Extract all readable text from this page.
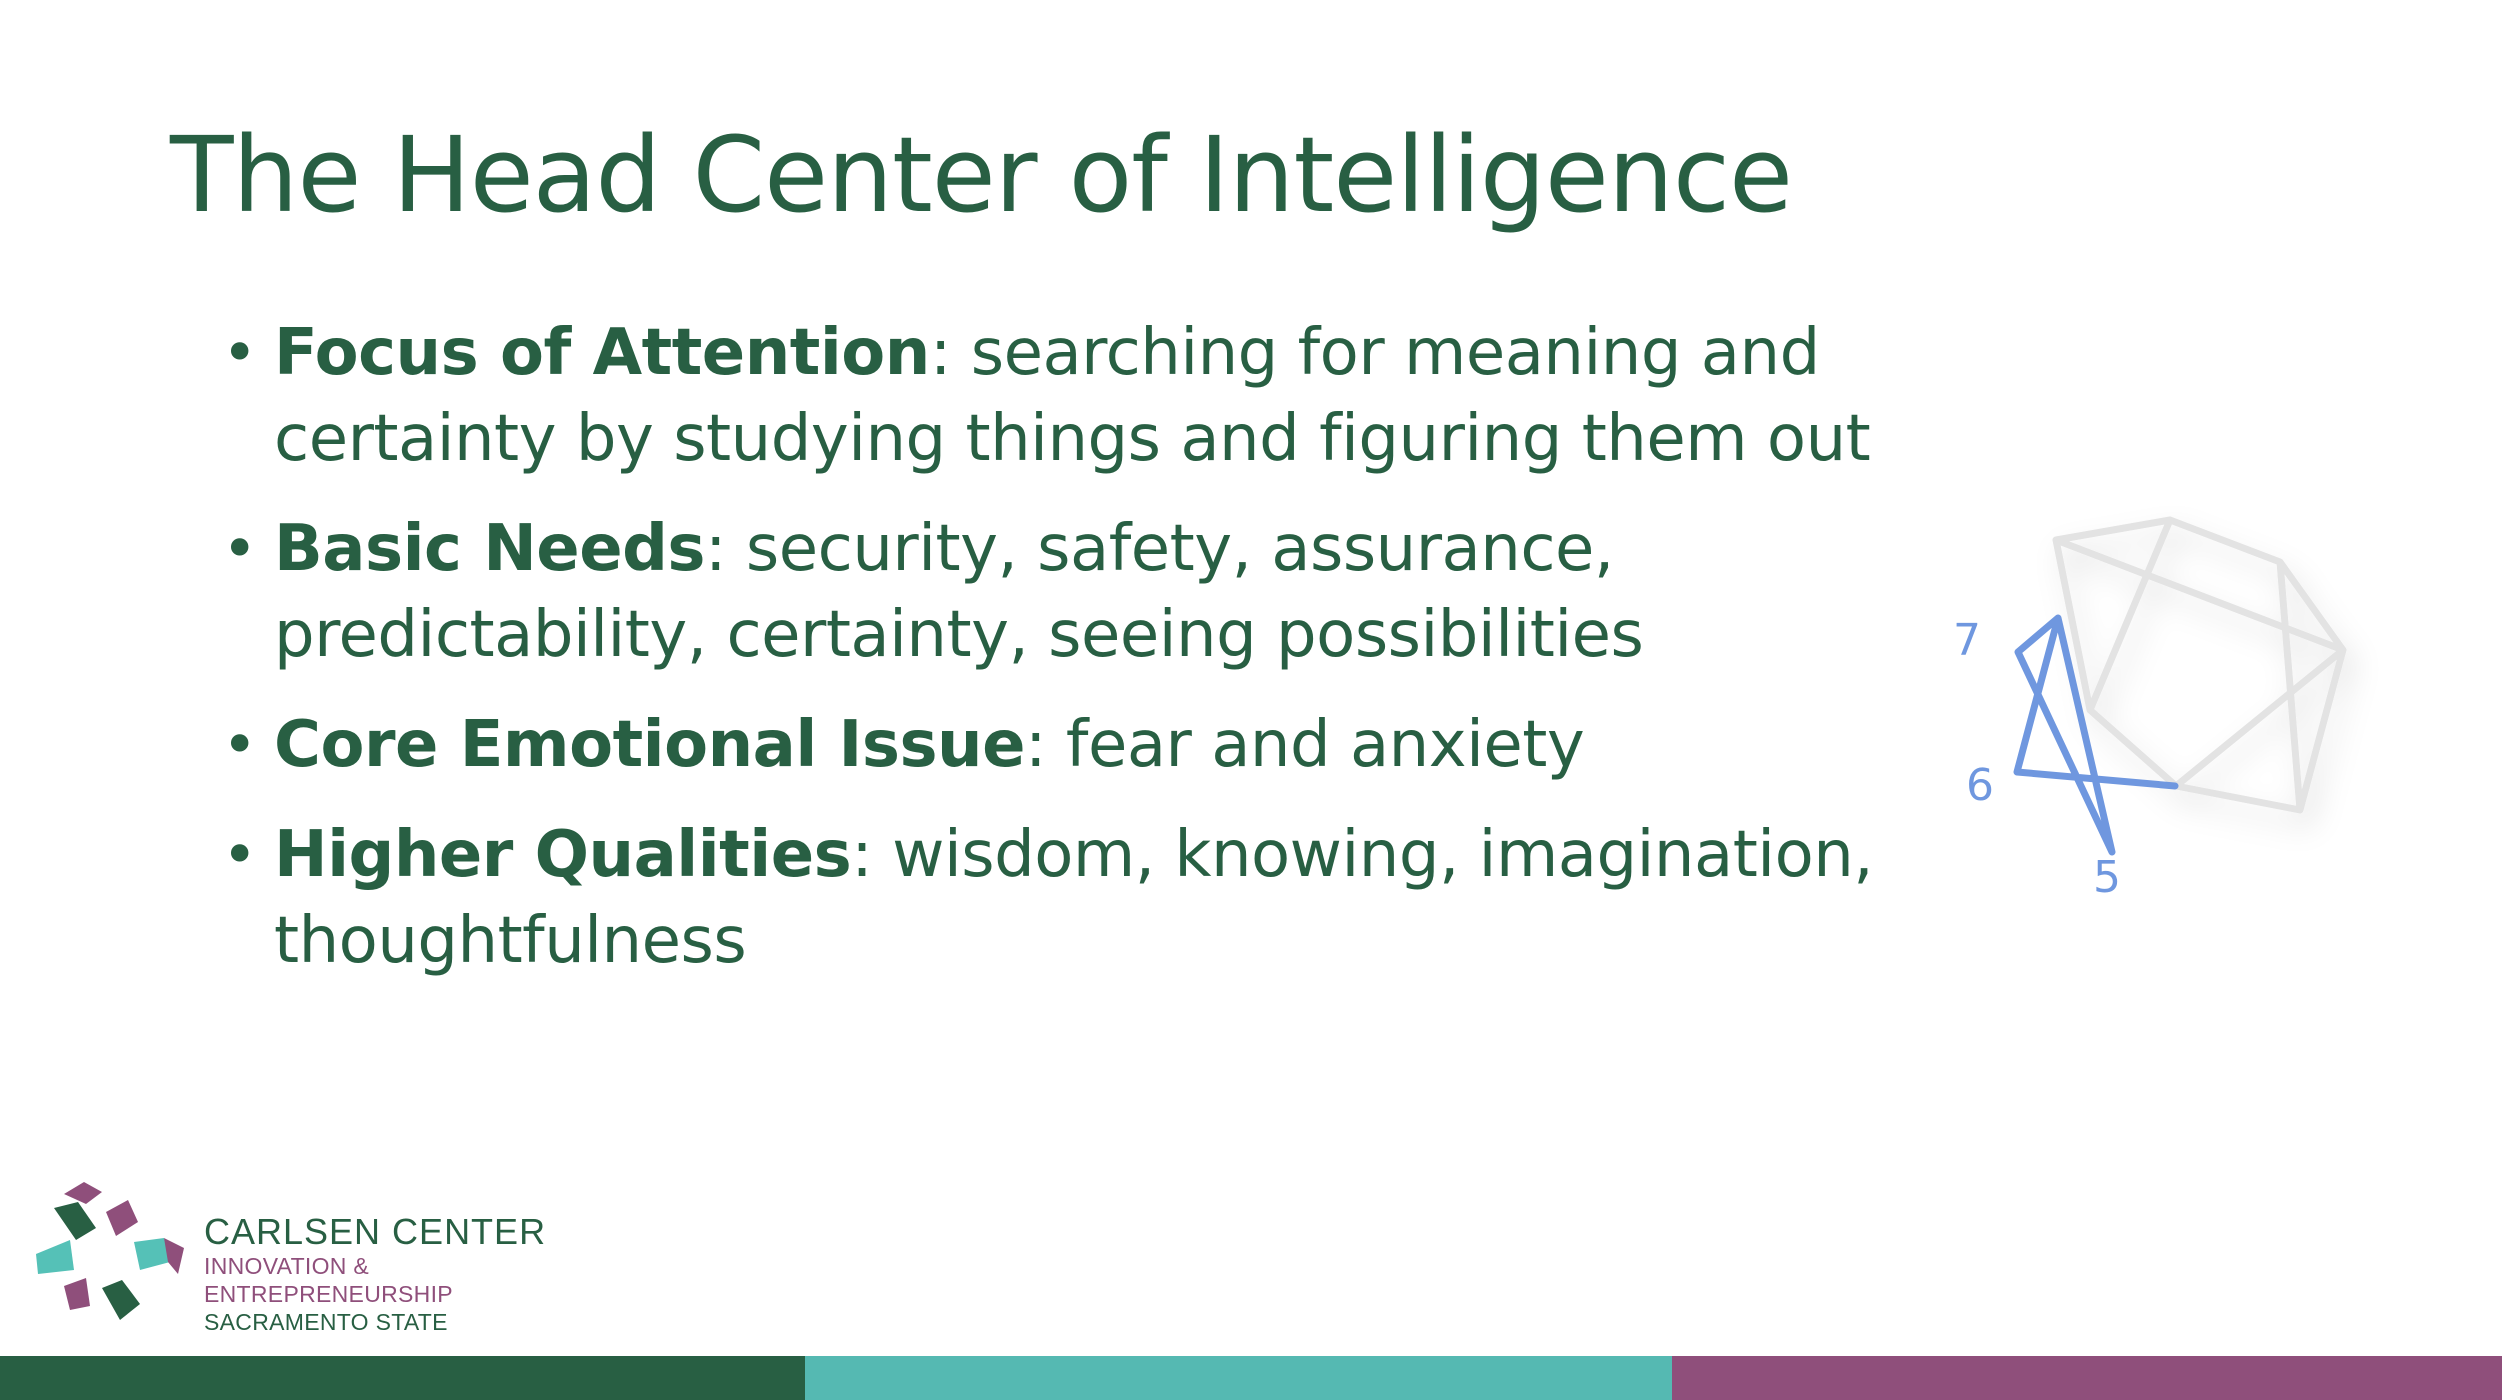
The Head Center of Intelligence
• Focus of Attention: searching for meaning and certainty by studying things and figuring them out
• Basic Needs: security, safety, assurance, predictability, certainty, seeing possibilities
• Core Emotional Issue: fear and anxiety
• Higher Qualities: wisdom, knowing, imagination, thoughtfulness
7
6
5
CARLSEN CENTER
INNOVATION & ENTREPRENEURSHIP
SACRAMENTO STATE
